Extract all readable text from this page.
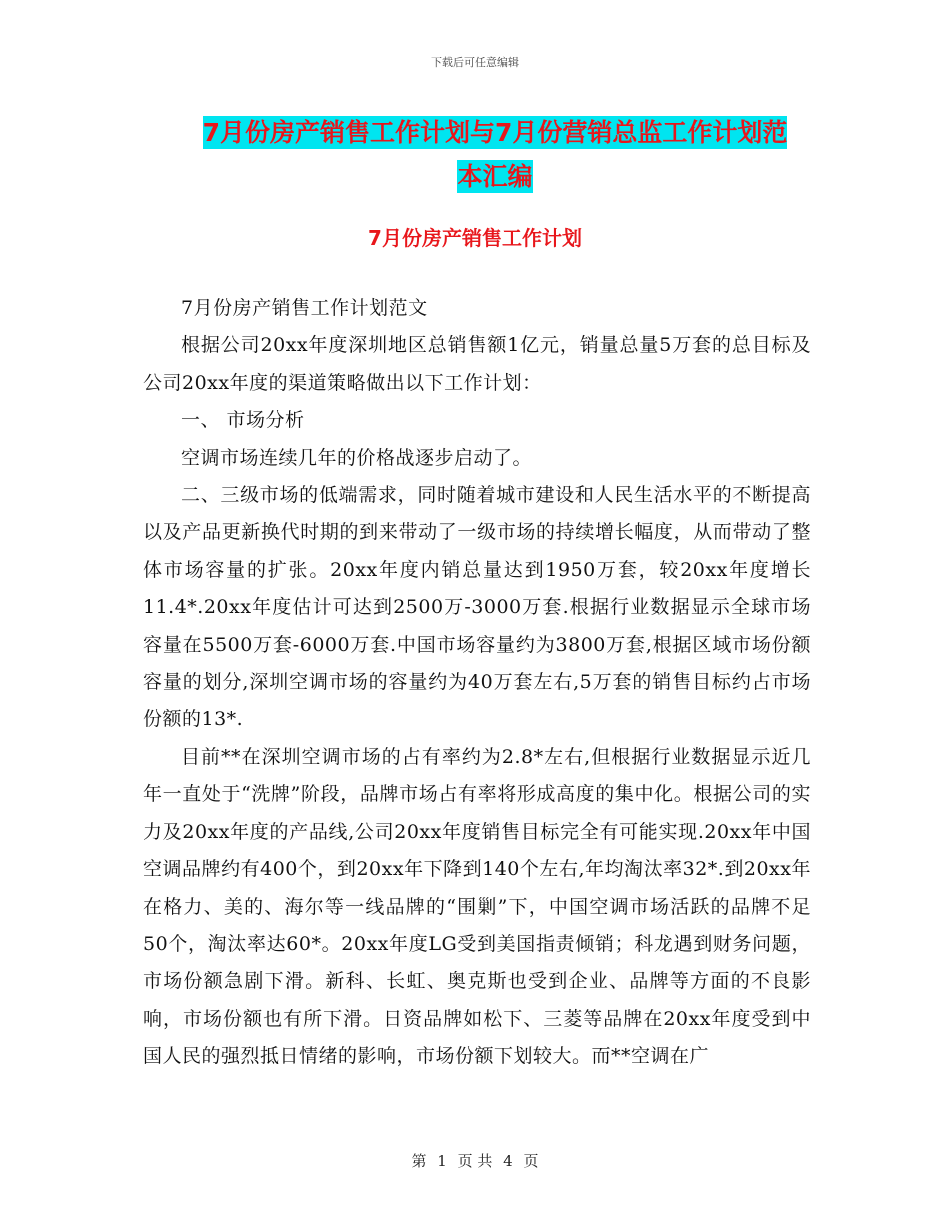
下载后可任意编辑
7月份房产销售工作计划与7月份营销总监工作计划范
本汇编
7月份房产销售工作计划

7月份房产销售工作计划范文

根据公司20xx年度深圳地区总销售额1亿元，销量总量5万套的总目标及公司20xx年度的渠道策略做出以下工作计划：

一、 市场分析

空调市场连续几年的价格战逐步启动了。

二、三级市场的低端需求，同时随着城市建设和人民生活水平的不断提高以及产品更新换代时期的到来带动了一级市场的持续增长幅度，从而带动了整体市场容量的扩张。20xx年度内销总量达到1950万套，较20xx年度增长11.4*.20xx年度估计可达到2500万-3000万套.根据行业数据显示全球市场容量在5500万套-6000万套.中国市场容量约为3800万套,根据区域市场份额容量的划分,深圳空调市场的容量约为40万套左右,5万套的销售目标约占市场份额的13*.

目前**在深圳空调市场的占有率约为2.8*左右,但根据行业数据显示近几年一直处于“洗牌”阶段，品牌市场占有率将形成高度的集中化。根据公司的实力及20xx年度的产品线,公司20xx年度销售目标完全有可能实现.20xx年中国空调品牌约有400个，到20xx年下降到140个左右,年均淘汰率32*.到20xx年在格力、美的、海尔等一线品牌的“围剿”下，中国空调市场活跃的品牌不足50个，淘汰率达60*。20xx年度LG受到美国指责倾销；科龙遇到财务问题，市场份额急剧下滑。新科、长虹、奥克斯也受到企业、品牌等方面的不良影响，市场份额也有所下滑。日资品牌如松下、三菱等品牌在20xx年度受到中国人民的强烈抵日情绪的影响，市场份额下划较大。而**空调在广

第 1 页 共 4 页
